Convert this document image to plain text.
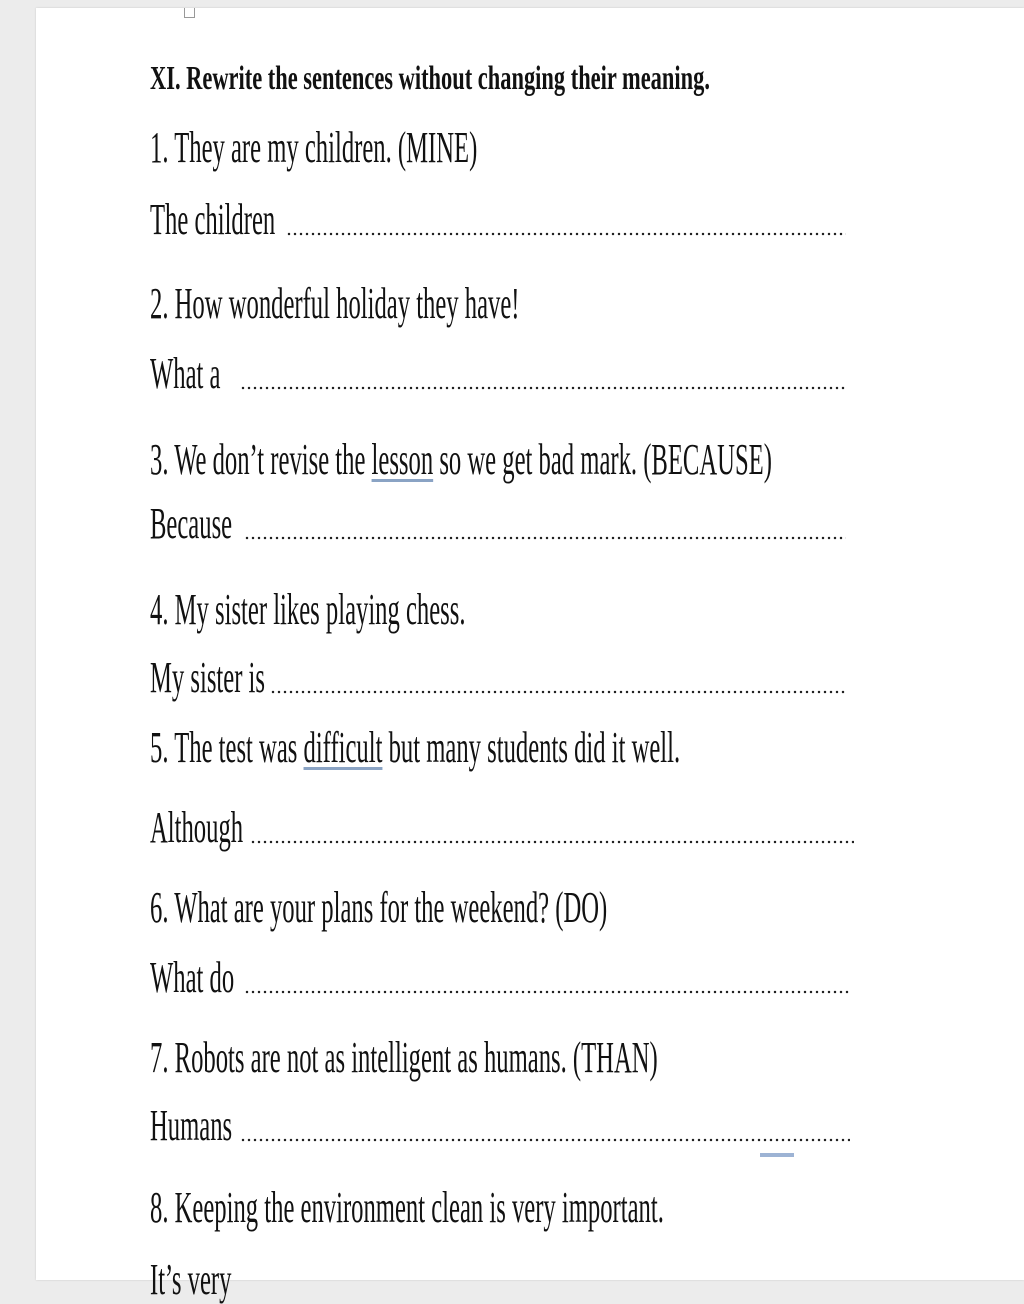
XI. Rewrite the sentences without changing their meaning.
1. They are my children. (MINE)
The children
2. How wonderful holiday they have!
What a
3. We don’t revise the lesson so we get bad mark. (BECAUSE)
Because
4. My sister likes playing chess.
My sister is
5. The test was difficult but many students did it well.
Although
6. What are your plans for the weekend? (DO)
What do
7. Robots are not as intelligent as humans. (THAN)
Humans
8. Keeping the environment clean is very important.
It’s very
